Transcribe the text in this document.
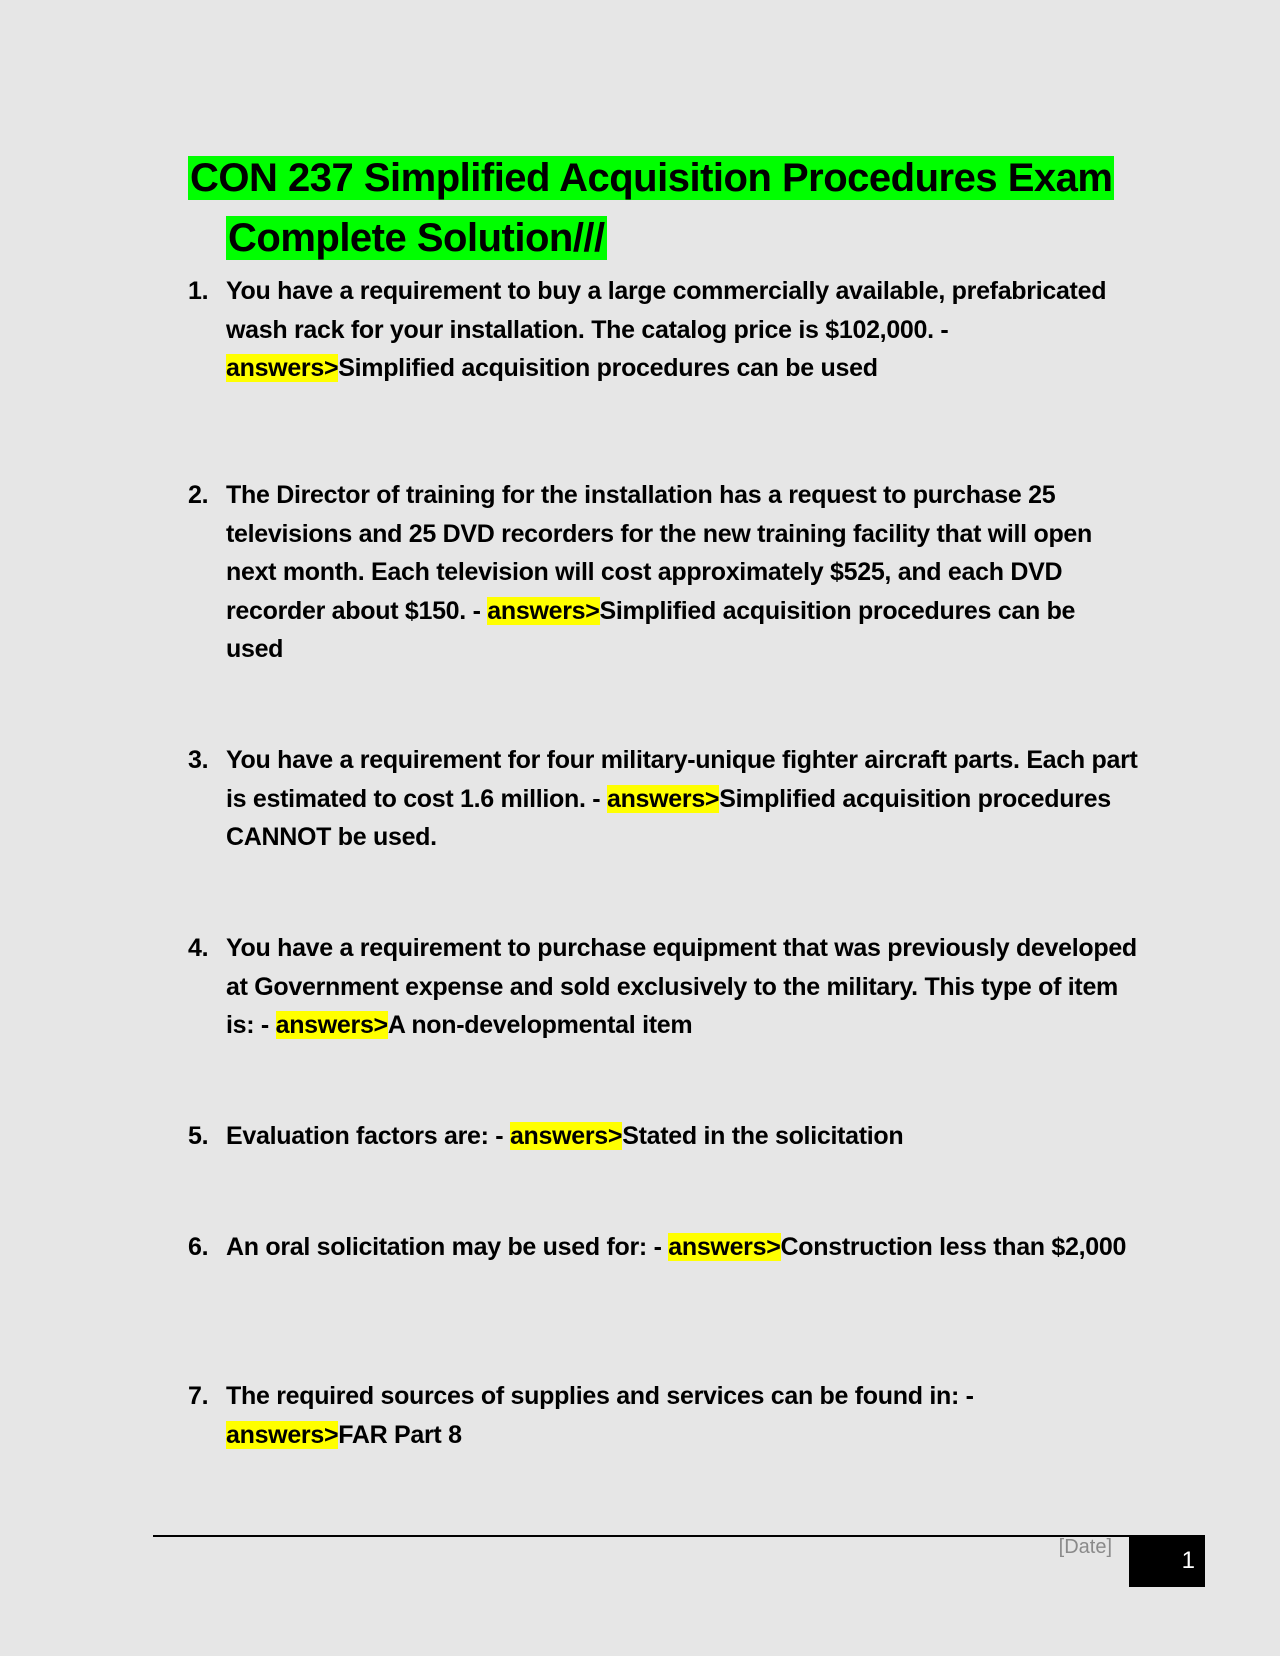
CON 237 Simplified Acquisition Procedures Exam
Complete Solution///
1. You have a requirement to buy a large commercially available, prefabricated wash rack for your installation. The catalog price is $102,000. - answers>Simplified acquisition procedures can be used
2. The Director of training for the installation has a request to purchase 25 televisions and 25 DVD recorders for the new training facility that will open next month. Each television will cost approximately $525, and each DVD recorder about $150. - answers>Simplified acquisition procedures can be used
3. You have a requirement for four military-unique fighter aircraft parts. Each part is estimated to cost 1.6 million. - answers>Simplified acquisition procedures CANNOT be used.
4. You have a requirement to purchase equipment that was previously developed at Government expense and sold exclusively to the military. This type of item is: - answers>A non-developmental item
5. Evaluation factors are: - answers>Stated in the solicitation
6. An oral solicitation may be used for: - answers>Construction less than $2,000
7. The required sources of supplies and services can be found in: - answers>FAR Part 8
[Date]	1
